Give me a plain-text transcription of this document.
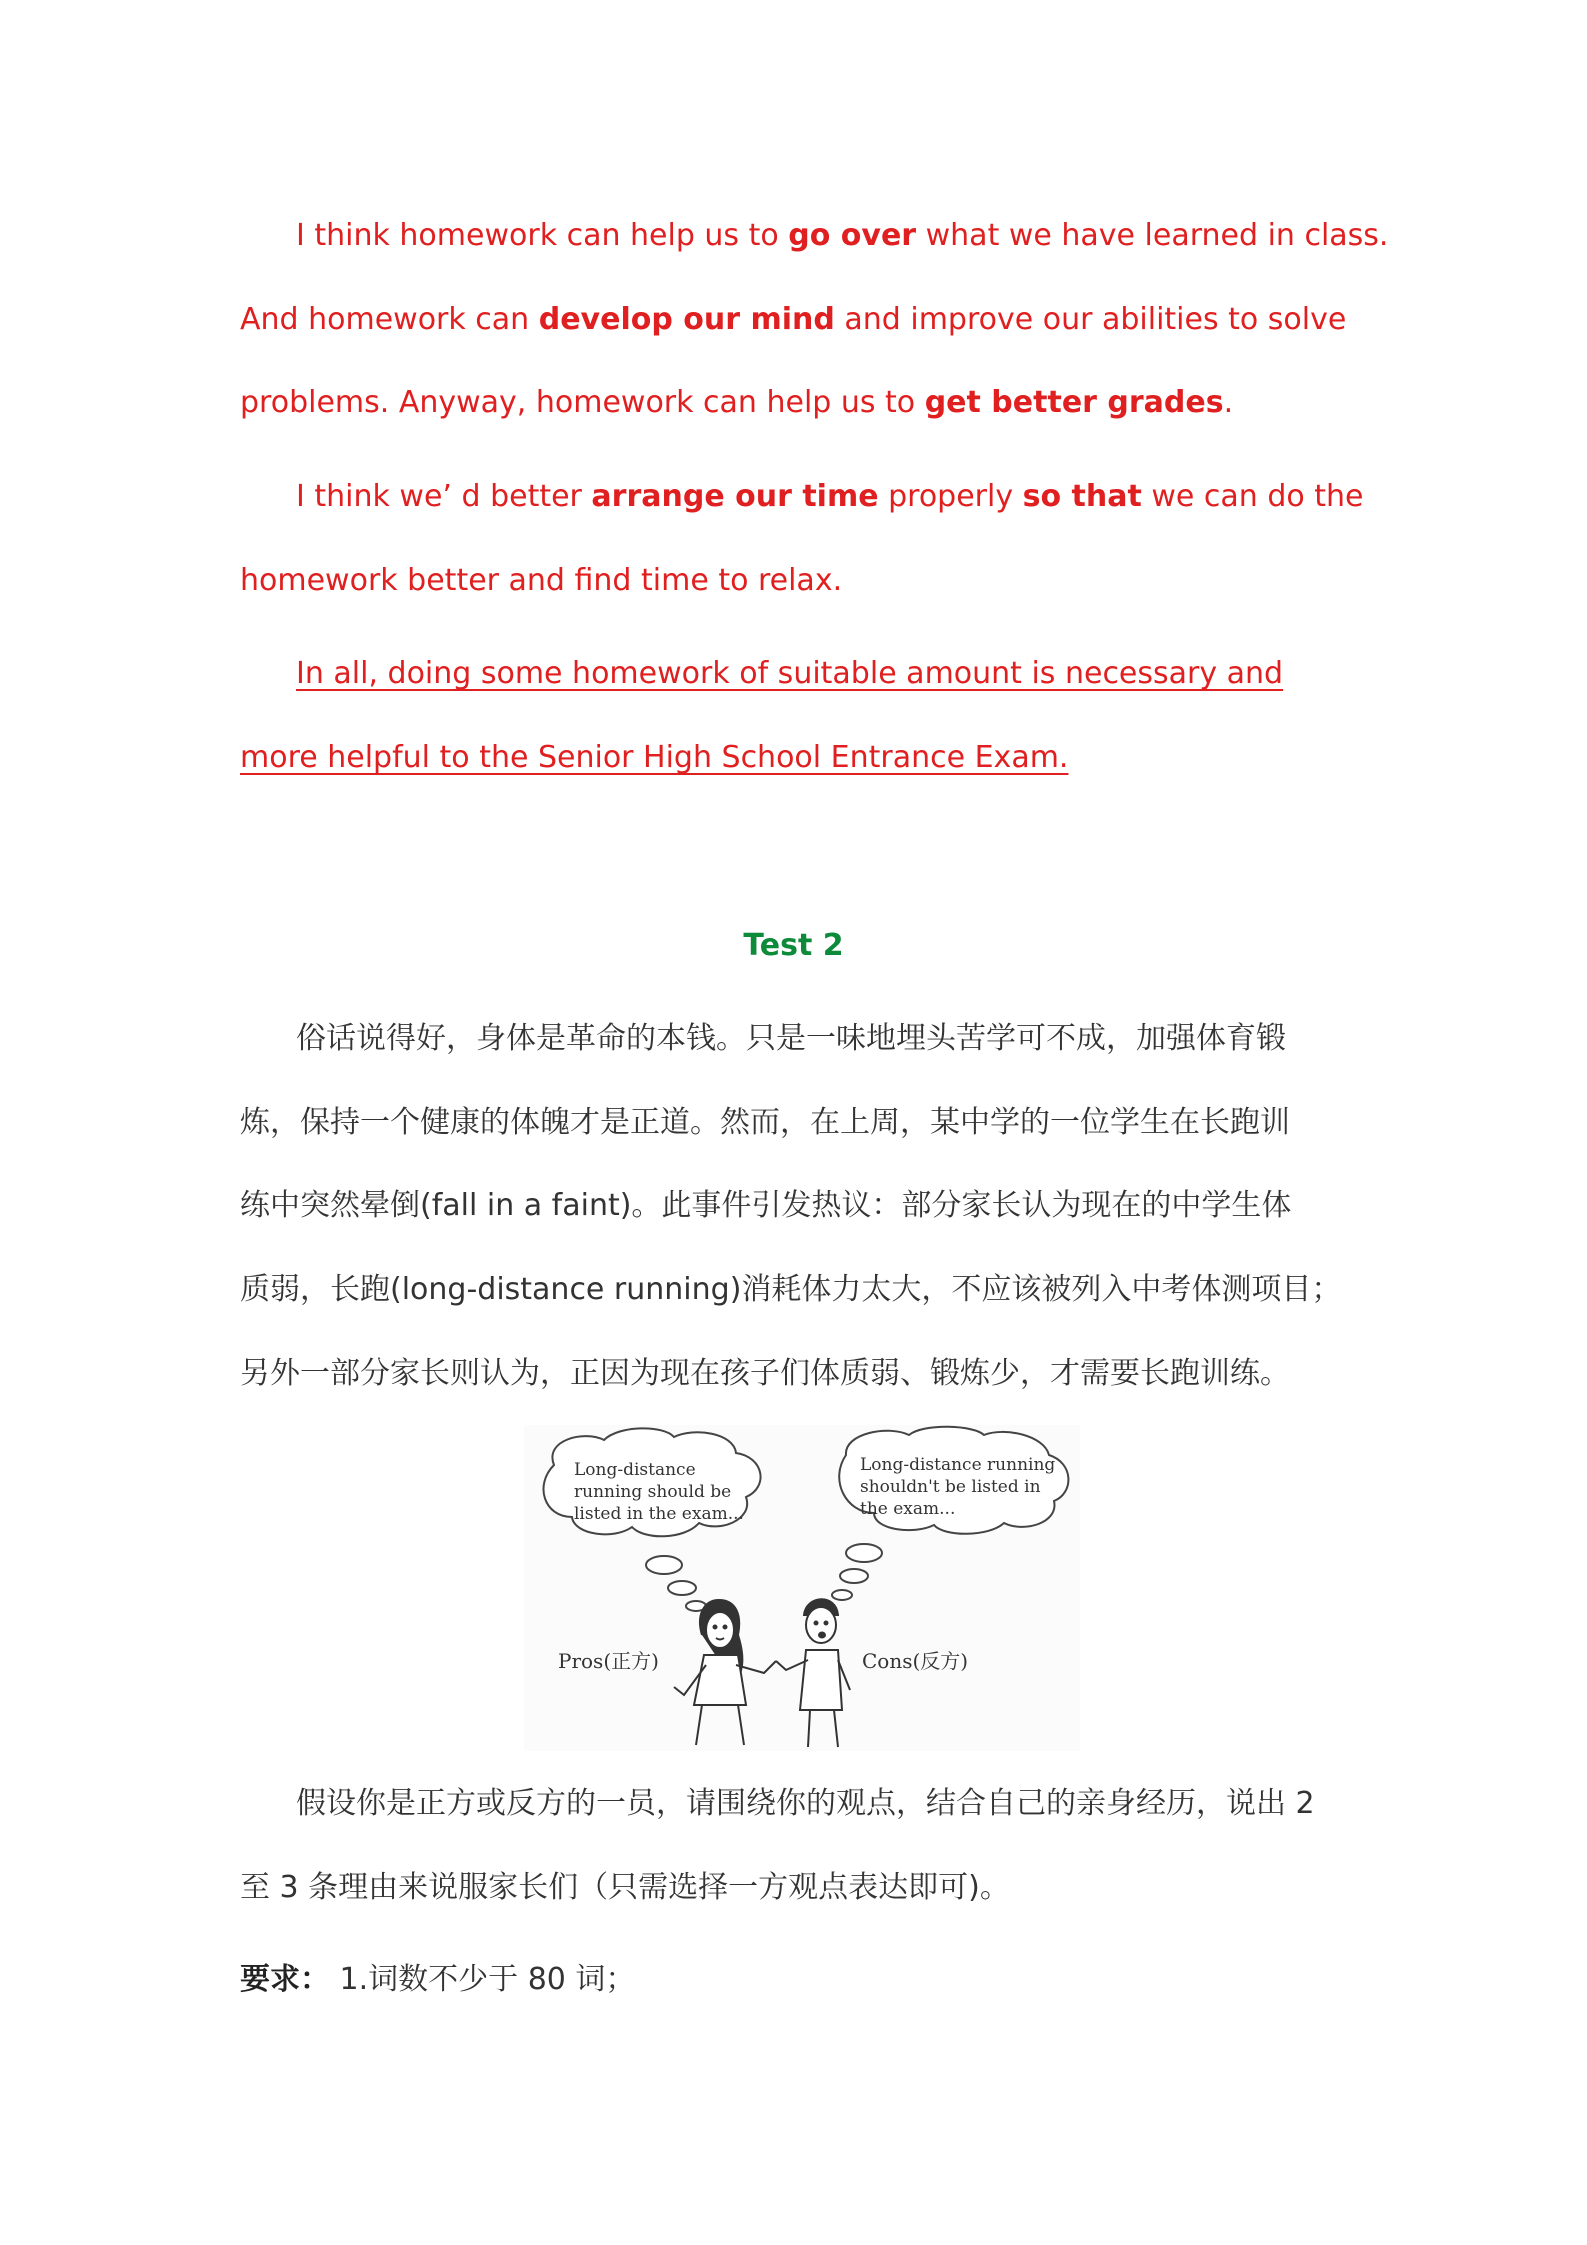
I think homework can help us to go over what we have learned in class.
And homework can develop our mind and improve our abilities to solve
problems. Anyway, homework can help us to get better grades.
I think we’ d better arrange our time properly so that we can do the
homework better and find time to relax.
In all, doing some homework of suitable amount is necessary and
more helpful to the Senior High School Entrance Exam.
Test 2
俗话说得好，身体是革命的本钱。只是一味地埋头苦学可不成，加强体育锻
炼，保持一个健康的体魄才是正道。然而，在上周，某中学的一位学生在长跑训
练中突然晕倒(fall in a faint)。此事件引发热议：部分家长认为现在的中学生体
质弱，长跑(long-distance running)消耗体力太大，不应该被列入中考体测项目；
另外一部分家长则认为，正因为现在孩子们体质弱、锻炼少，才需要长跑训练。
Long-distance
running should be
listed in the exam...
Long-distance running
shouldn't be listed in
the exam...
Pros(正方)	Cons(反方)
假设你是正方或反方的一员，请围绕你的观点，结合自己的亲身经历，说出 2
至 3 条理由来说服家长们（只需选择一方观点表达即可)。
要求： 1.词数不少于 80 词；
